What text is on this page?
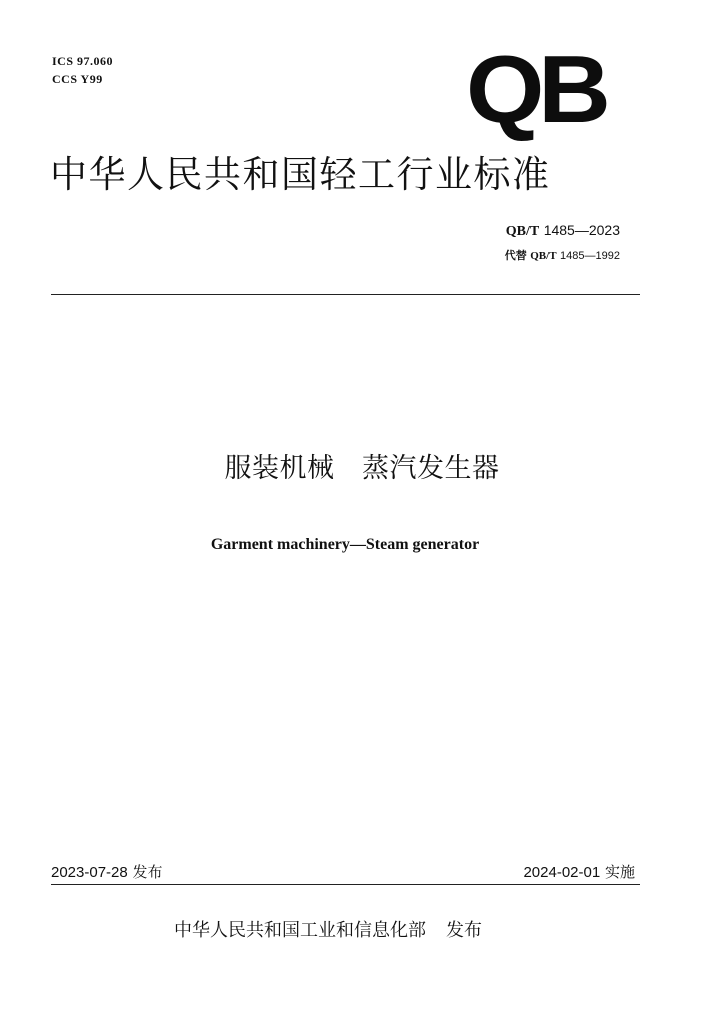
ICS 97.060
CCS Y99	QB
中华人民共和国轻工行业标准
QB/T 1485—2023
代替 QB/T 1485—1992
服装机械　蒸汽发生器
Garment machinery—Steam generator
2023-07-28 发布	2024-02-01 实施
中华人民共和国工业和信息化部 发布
